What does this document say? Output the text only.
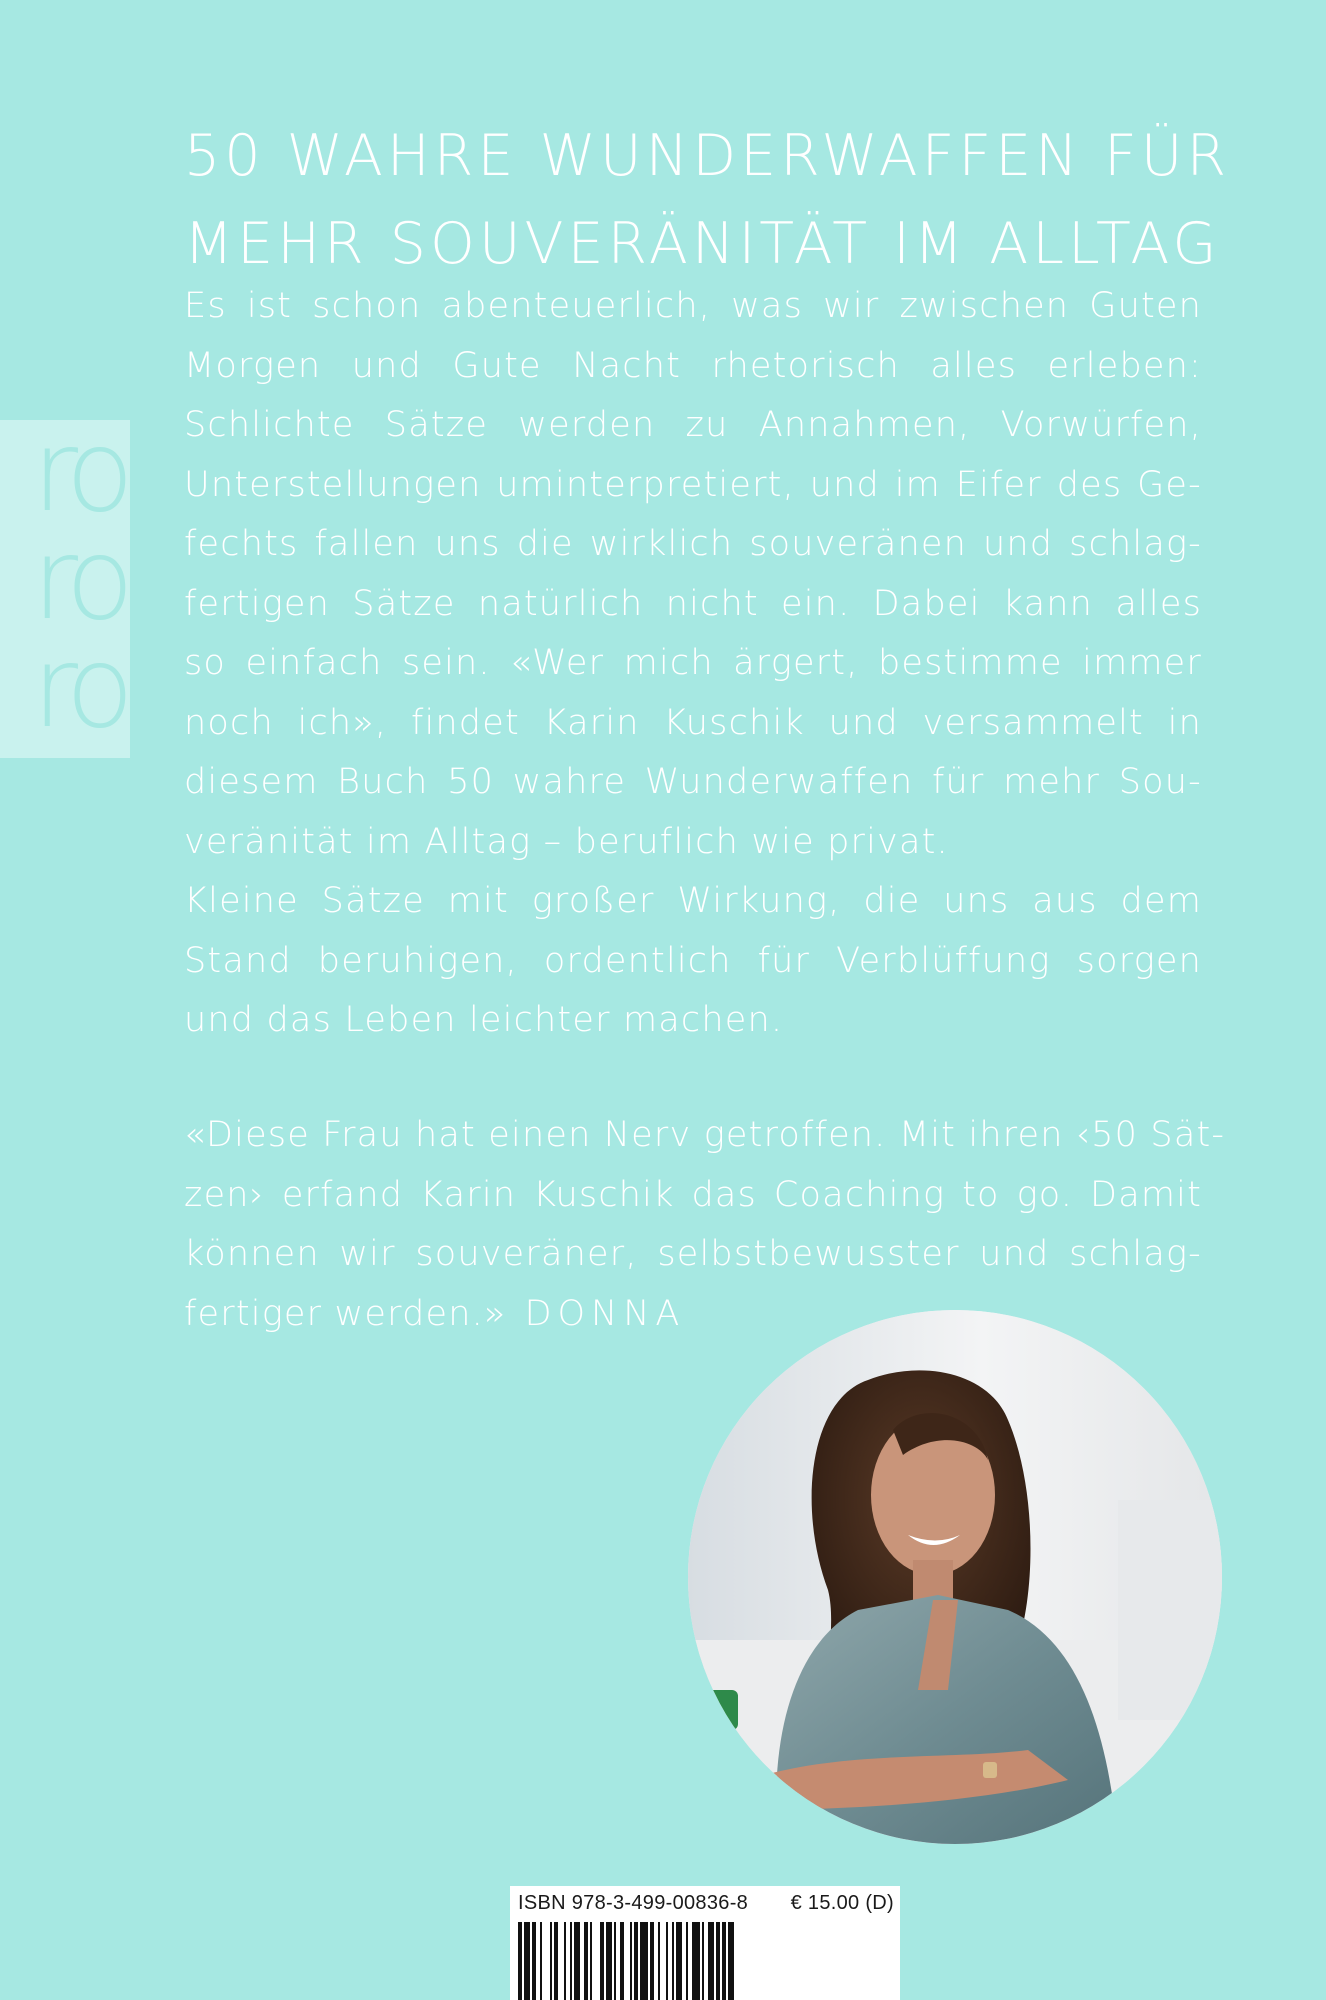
ro
ro
ro
50 WAHRE WUNDERWAFFEN FÜR
MEHR SOUVERÄNITÄT IM ALLTAG

Es ist schon abenteuerlich, was wir zwischen Guten
Morgen und Gute Nacht rhetorisch alles erleben:
Schlichte Sätze werden zu Annahmen, Vorwürfen,
Unterstellungen uminterpretiert, und im Eifer des Ge-
fechts fallen uns die wirklich souveränen und schlag-
fertigen Sätze natürlich nicht ein. Dabei kann alles
so einfach sein. «Wer mich ärgert, bestimme immer
noch ich», findet Karin Kuschik und versammelt in
diesem Buch 50 wahre Wunderwaffen für mehr Sou-
veränität im Alltag – beruflich wie privat.
Kleine Sätze mit großer Wirkung, die uns aus dem
Stand beruhigen, ordentlich für Verblüffung sorgen
und das Leben leichter machen.

«Diese Frau hat einen Nerv getroffen. Mit ihren ‹50 Sät-
zen› erfand Karin Kuschik das Coaching to go. Damit
können wir souveräner, selbstbewusster und schlag-
fertiger werden.» DONNA

ISBN 978-3-499-00836-8 € 15.00 (D)
